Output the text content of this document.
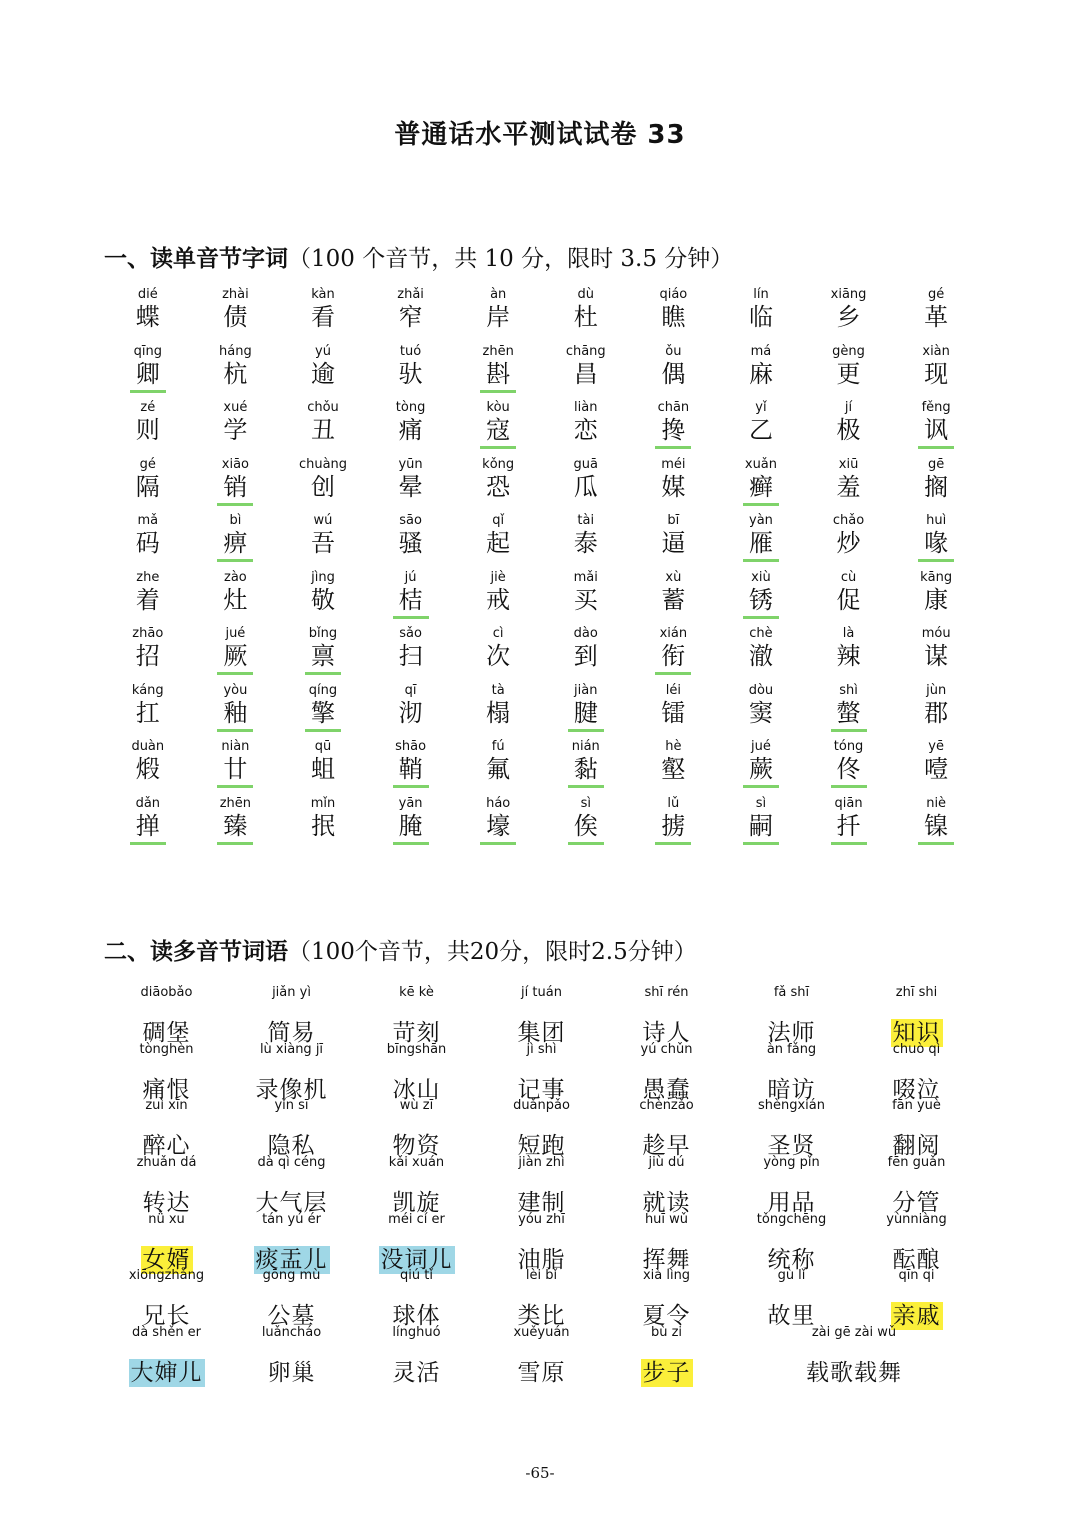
普通话水平测试试卷 33
一、读单音节字词（100 个音节，共 10 分，限时 3.5 分钟）
dié
蝶
zhài
债
kàn
看
zhǎi
窄
àn
岸
dù
杜
qiáo
瞧
lín
临
xiāng
乡
gé
革
qīng
卿
háng
杭
yú
逾
tuó
驮
zhēn
斟
chāng
昌
ǒu
偶
má
麻
gèng
更
xiàn
现
zé
则
xué
学
chǒu
丑
tòng
痛
kòu
寇
liàn
恋
chān
搀
yǐ
乙
jí
极
fěng
讽
gé
隔
xiāo
销
chuàng
创
yūn
晕
kǒng
恐
guā
瓜
méi
媒
xuǎn
癣
xiū
羞
gē
搁
mǎ
码
bì
痹
wú
吾
sāo
骚
qǐ
起
tài
泰
bī
逼
yàn
雁
chǎo
炒
huì
喙
zhe
着
zào
灶
jìng
敬
jú
桔
jiè
戒
mǎi
买
xù
蓄
xiù
锈
cù
促
kāng
康
zhāo
招
jué
厥
bǐng
禀
sǎo
扫
cì
次
dào
到
xián
衔
chè
澈
là
辣
móu
谋
káng
扛
yòu
釉
qíng
擎
qī
沏
tà
榻
jiàn
腱
léi
镭
dòu
窦
shì
螫
jùn
郡
duàn
煅
niàn
廿
qū
蛆
shāo
鞘
fú
氟
nián
黏
hè
壑
jué
蕨
tóng
佟
yē
噎
dǎn
掸
zhēn
臻
mǐn
抿
yān
腌
háo
壕
sì
俟
lǔ
掳
sì
嗣
qiān
扦
niè
镍
二、读多音节词语（100个音节，共20分，限时2.5分钟）
diāobǎo

碉堡
jiǎn yì

简易
kē kè

苛刻
jí tuán

集团
shī rén

诗人
fǎ shī

法师
zhī shi

知识
tònghèn

痛恨
lù xiàng jī

录像机
bīngshān

冰山
jì shì

记事
yú chǔn

愚蠢
àn fǎng

暗访
chuò qì

啜泣
zuì xīn

醉心
yǐn sī

隐私
wù zī

物资
duǎnpǎo

短跑
chènzǎo

趁早
shèngxián

圣贤
fān yuè

翻阅
zhuǎn dá

转达
dà qì céng

大气层
kǎi xuán

凯旋
jiàn zhì

建制
jiù dú

就读
yòng pǐn

用品
fēn guǎn

分管
nǚ xu

女婿
tán yú ér

痰盂儿
méi cí er

没词儿
yóu zhī

油脂
huī wǔ

挥舞
tǒngchēng

统称
yùnniàng

酝酿
xiōngzhǎng

兄长
gōng mù

公墓
qiú tǐ

球体
lèi bǐ

类比
xià lìng

夏令
gù lǐ

故里
qīn qi

亲戚
dà shěn er

大婶儿
luǎncháo

卵巢
línghuó

灵活
xuěyuán

雪原
bù zi

步子
zài gē zài wǔ

载歌载舞
-65-
